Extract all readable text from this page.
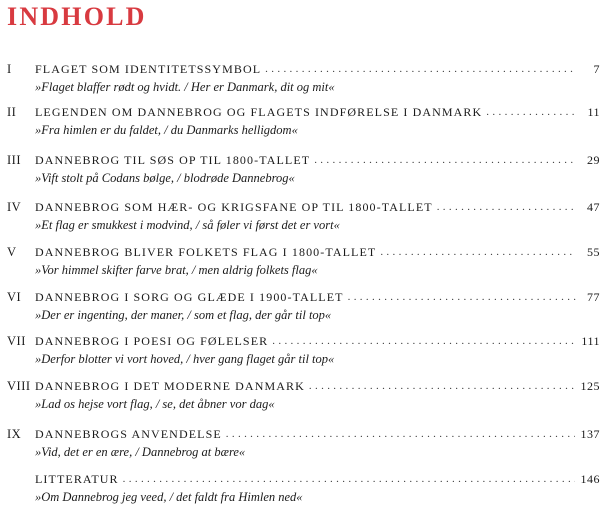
INDHOLD
I FLAGET SOM IDENTITETSSYMBOL . . .	7
»Flaget blaffer rødt og hvidt. / Her er Danmark, dit og mit«
II LEGENDEN OM DANNEBROG OG FLAGETS INDFØRELSE I DANMARK . . .	11
»Fra himlen er du faldet, / du Danmarks helligdom«
III DANNEBROG TIL SØS OP TIL 1800-TALLET . . .	29
»Vift stolt på Codans bølge, / blodrøde Dannebrog«
IV DANNEBROG SOM HÆR- OG KRIGSFANE OP TIL 1800-TALLET . . .	47
»Et flag er smukkest i modvind, / så føler vi først det er vort«
V DANNEBROG BLIVER FOLKETS FLAG I 1800-TALLET . . .	55
»Vor himmel skifter farve brat, / men aldrig folkets flag«
VI DANNEBROG I SORG OG GLÆDE I 1900-TALLET . . .	77
»Der er ingenting, der maner, / som et flag, der går til top«
VII DANNEBROG I POESI OG FØLELSER . . .	111
»Derfor blotter vi vort hoved, / hver gang flaget går til top«
VIII DANNEBROG I DET MODERNE DANMARK . . .	125
»Lad os hejse vort flag, / se, det åbner vor dag«
IX DANNEBROGS ANVENDELSE . . .	137
»Vid, det er en ære, / Dannebrog at bære«
LITTERATUR . . .	146
»Om Dannebrog jeg veed, / det faldt fra Himlen ned«
